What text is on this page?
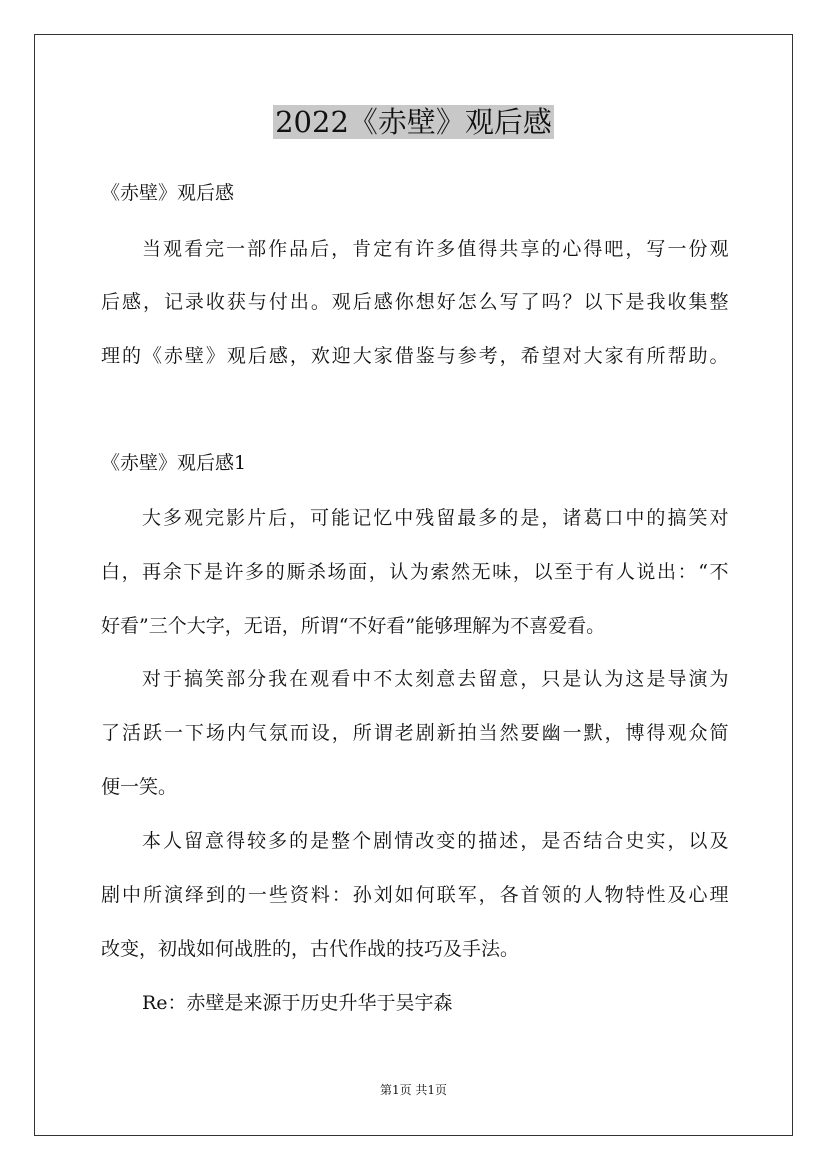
2022《赤壁》观后感

《赤壁》观后感

当观看完一部作品后，肯定有许多值得共享的心得吧，写一份观

后感，记录收获与付出。观后感你想好怎么写了吗？以下是我收集整

理的《赤壁》观后感，欢迎大家借鉴与参考，希望对大家有所帮助。

《赤壁》观后感1

大多观完影片后，可能记忆中残留最多的是，诸葛口中的搞笑对

白，再余下是许多的厮杀场面，认为索然无味，以至于有人说出：“不

好看”三个大字，无语，所谓“不好看”能够理解为不喜爱看。

对于搞笑部分我在观看中不太刻意去留意，只是认为这是导演为

了活跃一下场内气氛而设，所谓老剧新拍当然要幽一默，博得观众简

便一笑。

本人留意得较多的是整个剧情改变的描述，是否结合史实，以及

剧中所演绎到的一些资料：孙刘如何联军，各首领的人物特性及心理

改变，初战如何战胜的，古代作战的技巧及手法。

Re：赤壁是来源于历史升华于吴宇森

第1页 共1页
